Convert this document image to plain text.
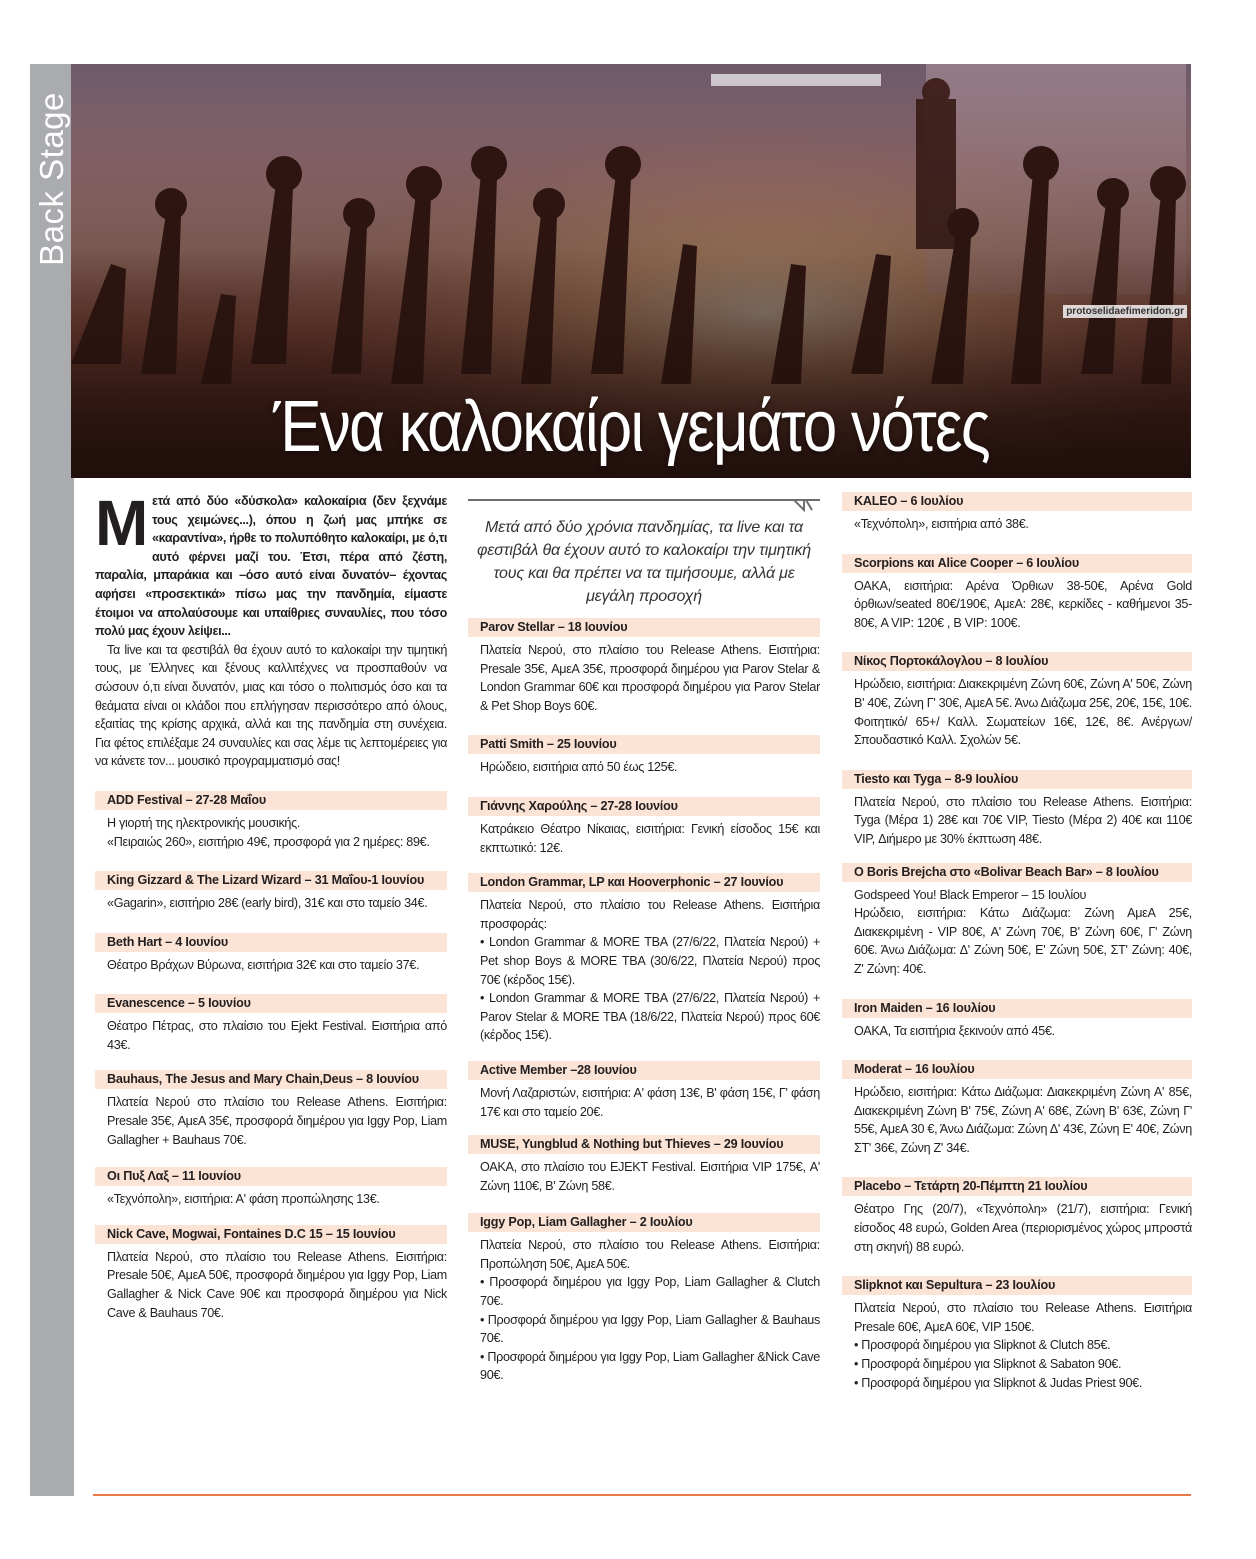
Back Stage
Ένα καλοκαίρι γεμάτο νότες
protoselidaefimeridon.gr
Μ ετά από δύο «δύσκολα» καλοκαίρια (δεν ξεχνάμε τους χειμώνες...), όπου η ζωή μας μπήκε σε «καραντίνα», ήρθε το πολυπόθητο καλοκαίρι, με ό,τι αυτό φέρνει μαζί του. Έτσι, πέρα από ζέστη, παραλία, μπαράκια και –όσο αυτό είναι δυνατόν– έχοντας αφήσει «προσεκτικά» πίσω μας την πανδημία, είμαστε έτοιμοι να απολαύσουμε και υπαίθριες συναυλίες, που τόσο πολύ μας έχουν λείψει...

Τα live και τα φεστιβάλ θα έχουν αυτό το καλοκαίρι την τιμητική τους, με Έλληνες και ξένους καλλιτέχνες να προσπαθούν να σώσουν ό,τι είναι δυνατόν, μιας και τόσο ο πολιτισμός όσο και τα θεάματα είναι οι κλάδοι που επλήγησαν περισσότερο από όλους, εξαιτίας της κρίσης αρχικά, αλλά και της πανδημία στη συνέχεια. Για φέτος επιλέξαμε 24 συναυλίες και σας λέμε τις λεπτομέρειες για να κάνετε τον... μουσικό προγραμματισμό σας!

ADD Festival – 27-28 Μαΐου

Η γιορτή της ηλεκτρονικής μουσικής.

«Πειραιώς 260», εισιτήριο 49€, προσφορά για 2 ημέρες: 89€.

King Gizzard & The Lizard Wizard – 31 Μαΐου-1 Ιουνίου

«Gagarin», εισιτήριο 28€ (early bird), 31€ και στο ταμείο 34€.

Beth Hart – 4 Ιουνίου

Θέατρο Βράχων Βύρωνα, εισιτήρια 32€ και στο ταμείο 37€.

Evanescence – 5 Ιουνίου

Θέατρο Πέτρας, στο πλαίσιο του Ejekt Festival. Εισιτήρια από 43€.

Bauhaus, The Jesus and Mary Chain,Deus – 8 Ιουνίου

Πλατεία Νερού στο πλαίσιο του Release Athens. Εισιτήρια: Presale 35€, ΑμεΑ 35€, προσφορά διημέρου για Iggy Pop, Liam Gallagher + Bauhaus 70€.

Οι Πυξ Λαξ – 11 Ιουνίου

«Τεχνόπολη», εισιτήρια: Α' φάση προπώλησης 13€.

Nick Cave, Mogwai, Fontaines D.C 15 – 15 Ιουνίου

Πλατεία Νερού, στο πλαίσιο του Release Athens. Εισιτήρια: Presale 50€, ΑμεΑ 50€, προσφορά διημέρου για Iggy Pop, Liam Gallagher & Nick Cave 90€ και προσφορά διημέρου για Nick Cave & Bauhaus 70€.

Μετά από δύο χρόνια πανδημίας, τα live και τα φεστιβάλ θα έχουν αυτό το καλοκαίρι την τιμητική τους και θα πρέπει να τα τιμήσουμε, αλλά με μεγάλη προσοχή
Parov Stellar – 18 Ιουνίου

Πλατεία Νερού, στο πλαίσιο του Release Athens. Εισιτήρια: Presale 35€, ΑμεΑ 35€, προσφορά διημέρου για Parov Stelar & London Grammar 60€ και προσφορά διημέρου για Parov Stelar & Pet Shop Boys 60€.

Patti Smith – 25 Ιουνίου

Ηρώδειο, εισιτήρια από 50 έως 125€.

Γιάννης Χαρούλης – 27-28 Ιουνίου

Κατράκειο Θέατρο Νίκαιας, εισιτήρια: Γενική είσοδος 15€ και εκπτωτικό: 12€.

London Grammar, LP και Hooverphonic – 27 Ιουνίου

Πλατεία Νερού, στο πλαίσιο του Release Athens. Εισιτήρια προσφοράς:

• London Grammar & MORE TBA (27/6/22, Πλατεία Νερού) + Pet shop Boys & MORE TBA (30/6/22, Πλατεία Νερού) προς 70€ (κέρδος 15€).

• London Grammar & MORE TBA (27/6/22, Πλατεία Νερού) + Parov Stelar & MORE TBA (18/6/22, Πλατεία Νερού) προς 60€ (κέρδος 15€).

Active Member –28 Ιουνίου

Μονή Λαζαριστών, εισιτήρια: Α' φάση 13€, Β' φάση 15€, Γ' φάση 17€ και στο ταμείο 20€.

MUSE, Yungblud & Nothing but Thieves – 29 Ιουνίου

ΟΑΚΑ, στο πλαίσιο του EJEKT Festival. Εισιτήρια VIP 175€, Α' Ζώνη 110€, Β' Ζώνη 58€.

Iggy Pop, Liam Gallagher – 2 Ιουλίου

Πλατεία Νερού, στο πλαίσιο του Release Athens. Εισιτήρια: Προπώληση 50€, ΑμεΑ 50€.

• Προσφορά διημέρου για Iggy Pop, Liam Gallagher & Clutch 70€.

• Προσφορά διημέρου για Iggy Pop, Liam Gallagher & Bauhaus 70€.

• Προσφορά διημέρου για Iggy Pop, Liam Gallagher &Nick Cave 90€.

KALEO – 6 Ιουλίου

«Τεχνόπολη», εισιτήρια από 38€.

Scorpions και Alice Cooper – 6 Ιουλίου

ΟΑΚΑ, εισιτήρια: Αρένα Όρθιων 38-50€, Αρένα Gold όρθιων/seated 80€/190€, ΑμεΑ: 28€, κερκίδες - καθήμενοι 35-80€, A VIP: 120€ , B VIP: 100€.

Νίκος Πορτοκάλογλου – 8 Ιουλίου

Ηρώδειο, εισιτήρια: Διακεκριμένη Ζώνη 60€, Ζώνη Α' 50€, Ζώνη Β' 40€, Ζώνη Γ' 30€, ΑμεΑ 5€. Άνω Διάζωμα 25€, 20€, 15€, 10€. Φοιτητικό/ 65+/ Καλλ. Σωματείων 16€, 12€, 8€. Ανέργων/ Σπουδαστικό Καλλ. Σχολών 5€.

Tiesto και Tyga – 8-9 Ιουλίου

Πλατεία Νερού, στο πλαίσιο του Release Athens. Εισιτήρια: Tyga (Μέρα 1) 28€ και 70€ VIP, Tiesto (Μέρα 2) 40€ και 110€ VIP, Διήμερο με 30% έκπτωση 48€.

O Boris Brejcha στο «Bolivar Beach Bar» – 8 Ιουλίου

Godspeed You! Black Emperor – 15 Ιουλίου

Ηρώδειο, εισιτήρια: Κάτω Διάζωμα: Ζώνη ΑμεΑ 25€, Διακεκριμένη - VIP 80€, Α' Ζώνη 70€, Β' Ζώνη 60€, Γ' Ζώνη 60€. Άνω Διάζωμα: Δ' Ζώνη 50€, Ε' Ζώνη 50€, ΣΤ' Ζώνη: 40€, Ζ' Ζώνη: 40€.

Iron Maiden – 16 Ιουλίου

ΟΑΚΑ, Τα εισιτήρια ξεκινούν από 45€.

Moderat – 16 Ιουλίου

Ηρώδειο, εισιτήρια: Κάτω Διάζωμα: Διακεκριμένη Ζώνη Α' 85€, Διακεκριμένη Ζώνη Β' 75€, Ζώνη Α' 68€, Ζώνη Β' 63€, Ζώνη Γ' 55€, ΑμεΑ 30 €, Άνω Διάζωμα: Ζώνη Δ' 43€, Ζώνη Ε' 40€, Ζώνη ΣΤ' 36€, Ζώνη Ζ' 34€.

Placebo – Τετάρτη 20-Πέμπτη 21 Ιουλίου

Θέατρο Γης (20/7), «Τεχνόπολη» (21/7), εισιτήρια: Γενική είσοδος 48 ευρώ, Golden Area (περιορισμένος χώρος μπροστά στη σκηνή) 88 ευρώ.

Slipknot και Sepultura – 23 Ιουλίου

Πλατεία Νερού, στο πλαίσιο του Release Athens. Εισιτήρια Presale 60€, ΑμεΑ 60€, VIP 150€.

• Προσφορά διημέρου για Slipknot & Clutch 85€.

• Προσφορά διημέρου για Slipknot & Sabaton 90€.

• Προσφορά διημέρου για Slipknot & Judas Priest 90€.
